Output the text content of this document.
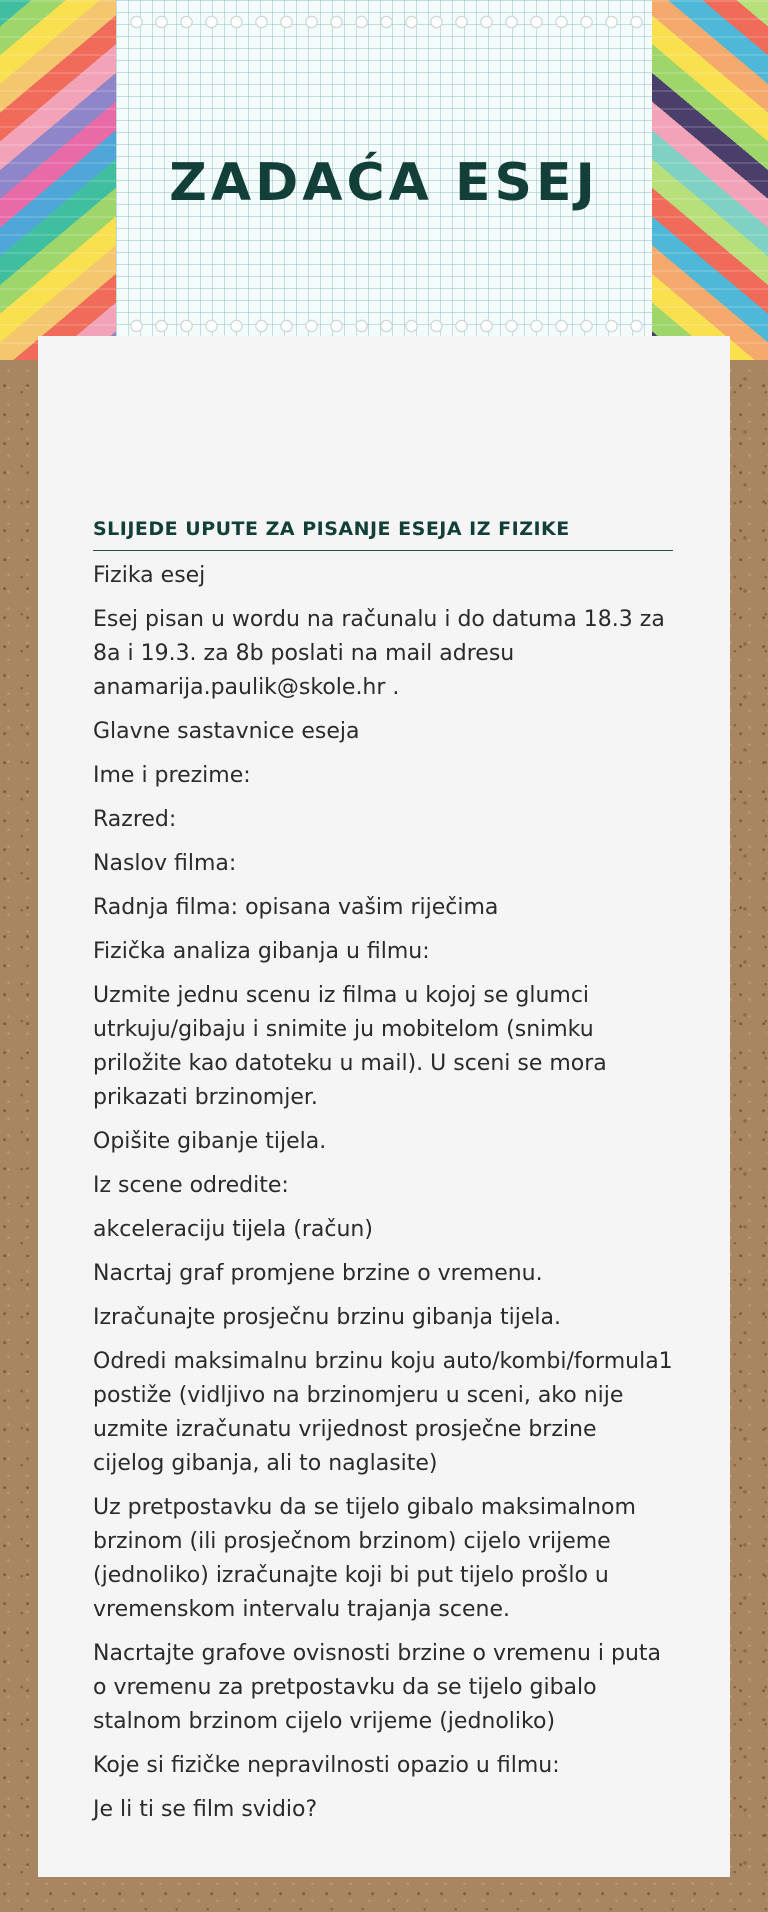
ZADAĆA ESEJ
SLIJEDE UPUTE ZA PISANJE ESEJA IZ FIZIKE

Fizika esej

Esej pisan u wordu na računalu i do datuma 18.3 za 8a i 19.3. za 8b poslati na mail adresu anamarija.paulik@skole.hr .

Glavne sastavnice eseja

Ime i prezime:

Razred:

Naslov filma:

Radnja filma: opisana vašim riječima

Fizička analiza gibanja u filmu:

Uzmite jednu scenu iz filma u kojoj se glumci utrkuju/gibaju i snimite ju mobitelom (snimku priložite kao datoteku u mail). U sceni se mora prikazati brzinomjer.

Opišite gibanje tijela.

Iz scene odredite:

akceleraciju tijela (račun)

Nacrtaj graf promjene brzine o vremenu.

Izračunajte prosječnu brzinu gibanja tijela.

Odredi maksimalnu brzinu koju auto/kombi/formula1 postiže (vidljivo na brzinomjeru u sceni, ako nije uzmite izračunatu vrijednost prosječne brzine cijelog gibanja, ali to naglasite)

Uz pretpostavku da se tijelo gibalo maksimalnom brzinom (ili prosječnom brzinom) cijelo vrijeme (jednoliko) izračunajte koji bi put tijelo prošlo u vremenskom intervalu trajanja scene.

Nacrtajte grafove ovisnosti brzine o vremenu i puta o vremenu za pretpostavku da se tijelo gibalo stalnom brzinom cijelo vrijeme (jednoliko)

Koje si fizičke nepravilnosti opazio u filmu:

Je li ti se film svidio?
